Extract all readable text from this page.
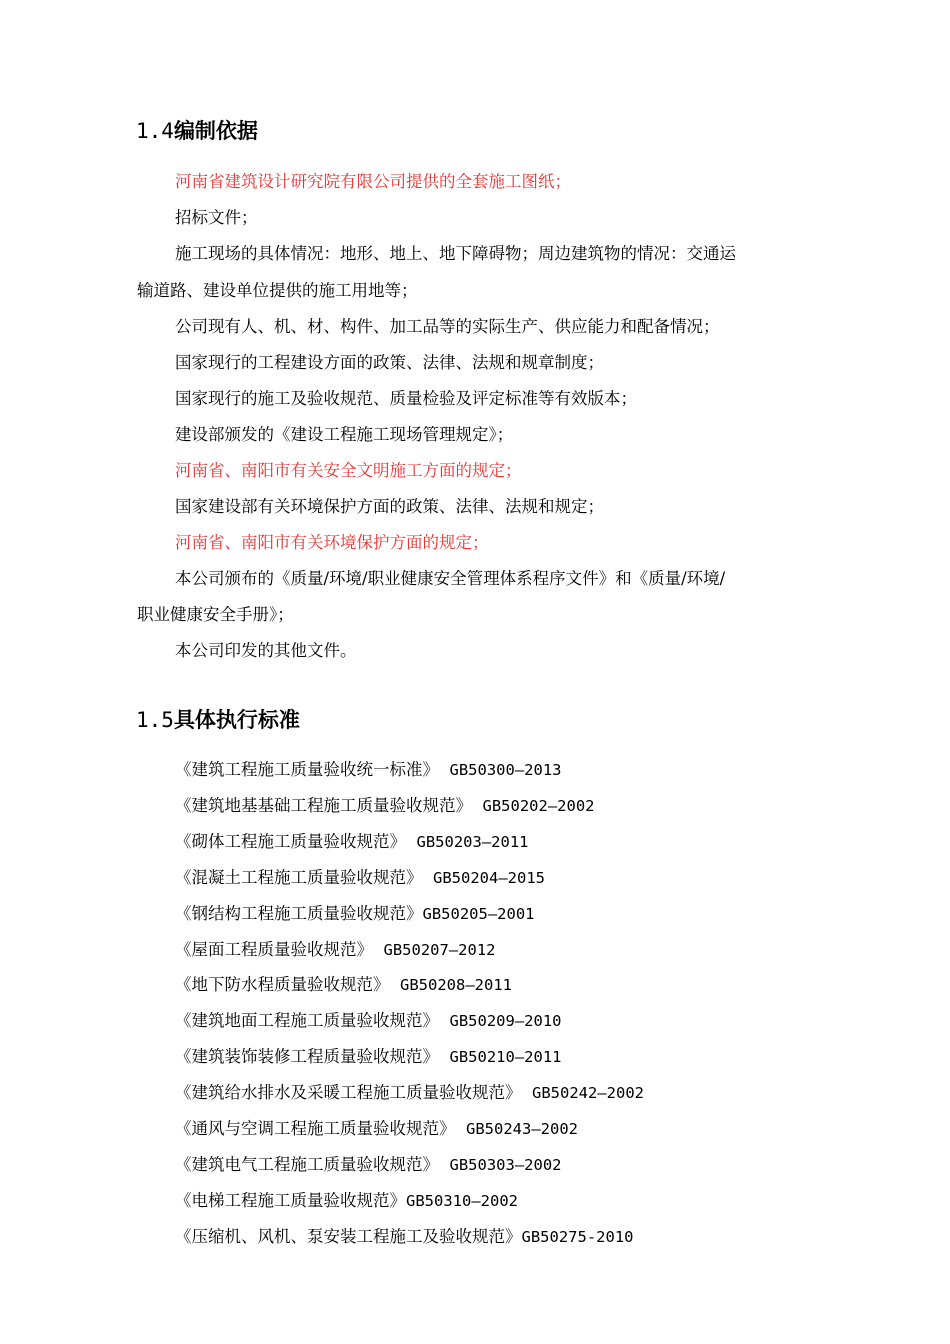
1.4编制依据
河南省建筑设计研究院有限公司提供的全套施工图纸；
招标文件；
施工现场的具体情况：地形、地上、地下障碍物；周边建筑物的情况：交通运
输道路、建设单位提供的施工用地等；
公司现有人、机、材、构件、加工品等的实际生产、供应能力和配备情况；
国家现行的工程建设方面的政策、法律、法规和规章制度；
国家现行的施工及验收规范、质量检验及评定标准等有效版本；
建设部颁发的《建设工程施工现场管理规定》；
河南省、南阳市有关安全文明施工方面的规定；
国家建设部有关环境保护方面的政策、法律、法规和规定；
河南省、南阳市有关环境保护方面的规定；
本公司颁布的《质量/环境/职业健康安全管理体系程序文件》和《质量/环境/
职业健康安全手册》；
本公司印发的其他文件。
1.5具体执行标准
《建筑工程施工质量验收统一标准》 GB50300—2013
《建筑地基基础工程施工质量验收规范》 GB50202—2002
《砌体工程施工质量验收规范》 GB50203—2011
《混凝土工程施工质量验收规范》 GB50204—2015
《钢结构工程施工质量验收规范》GB50205—2001
《屋面工程质量验收规范》 GB50207—2012
《地下防水程质量验收规范》 GB50208—2011
《建筑地面工程施工质量验收规范》 GB50209—2010
《建筑装饰装修工程质量验收规范》 GB50210—2011
《建筑给水排水及采暖工程施工质量验收规范》 GB50242—2002
《通风与空调工程施工质量验收规范》 GB50243—2002
《建筑电气工程施工质量验收规范》 GB50303—2002
《电梯工程施工质量验收规范》GB50310—2002
《压缩机、风机、泵安装工程施工及验收规范》GB50275-2010
